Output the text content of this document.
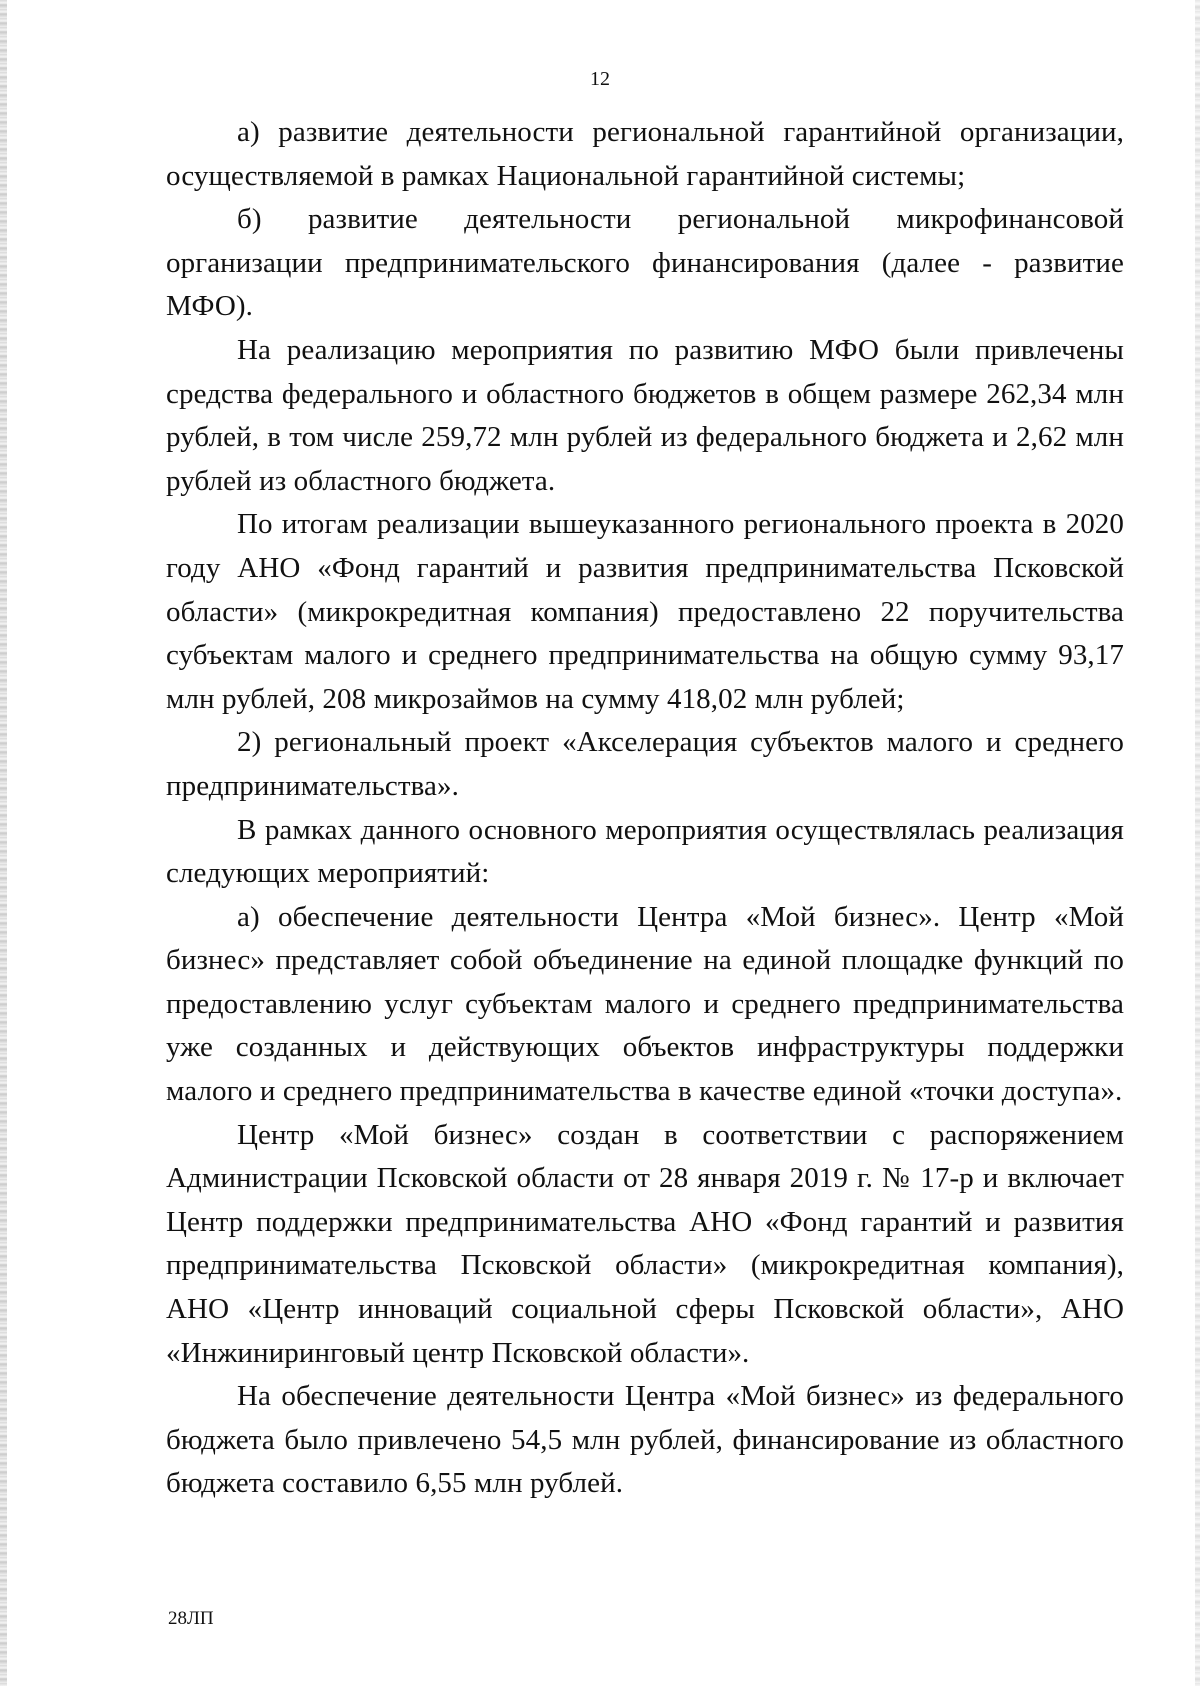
12

а) развитие деятельности региональной гарантийной организации, осуществляемой в рамках Национальной гарантийной системы;

б) развитие деятельности региональной микрофинансовой организации предпринимательского финансирования (далее - развитие МФО).

На реализацию мероприятия по развитию МФО были привлечены средства федерального и областного бюджетов в общем размере 262,34 млн рублей, в том числе 259,72 млн рублей из федерального бюджета и 2,62 млн рублей из областного бюджета.

По итогам реализации вышеуказанного регионального проекта в 2020 году АНО «Фонд гарантий и развития предпринимательства Псковской области» (микрокредитная компания) предоставлено 22 поручительства субъектам малого и среднего предпринимательства на общую сумму 93,17 млн рублей, 208 микрозаймов на сумму 418,02 млн рублей;

2) региональный проект «Акселерация субъектов малого и среднего предпринимательства».

В рамках данного основного мероприятия осуществлялась реализация следующих мероприятий:

а) обеспечение деятельности Центра «Мой бизнес». Центр «Мой бизнес» представляет собой объединение на единой площадке функций по предоставлению услуг субъектам малого и среднего предпринимательства уже созданных и действующих объектов инфраструктуры поддержки малого и среднего предпринимательства в качестве единой «точки доступа».

Центр «Мой бизнес» создан в соответствии с распоряжением Администрации Псковской области от 28 января 2019 г. № 17-р и включает Центр поддержки предпринимательства АНО «Фонд гарантий и развития предпринимательства Псковской области» (микрокредитная компания), АНО «Центр инноваций социальной сферы Псковской области», АНО «Инжиниринговый центр Псковской области».

На обеспечение деятельности Центра «Мой бизнес» из федерального бюджета было привлечено 54,5 млн рублей, финансирование из областного бюджета составило 6,55 млн рублей.

28ЛП
